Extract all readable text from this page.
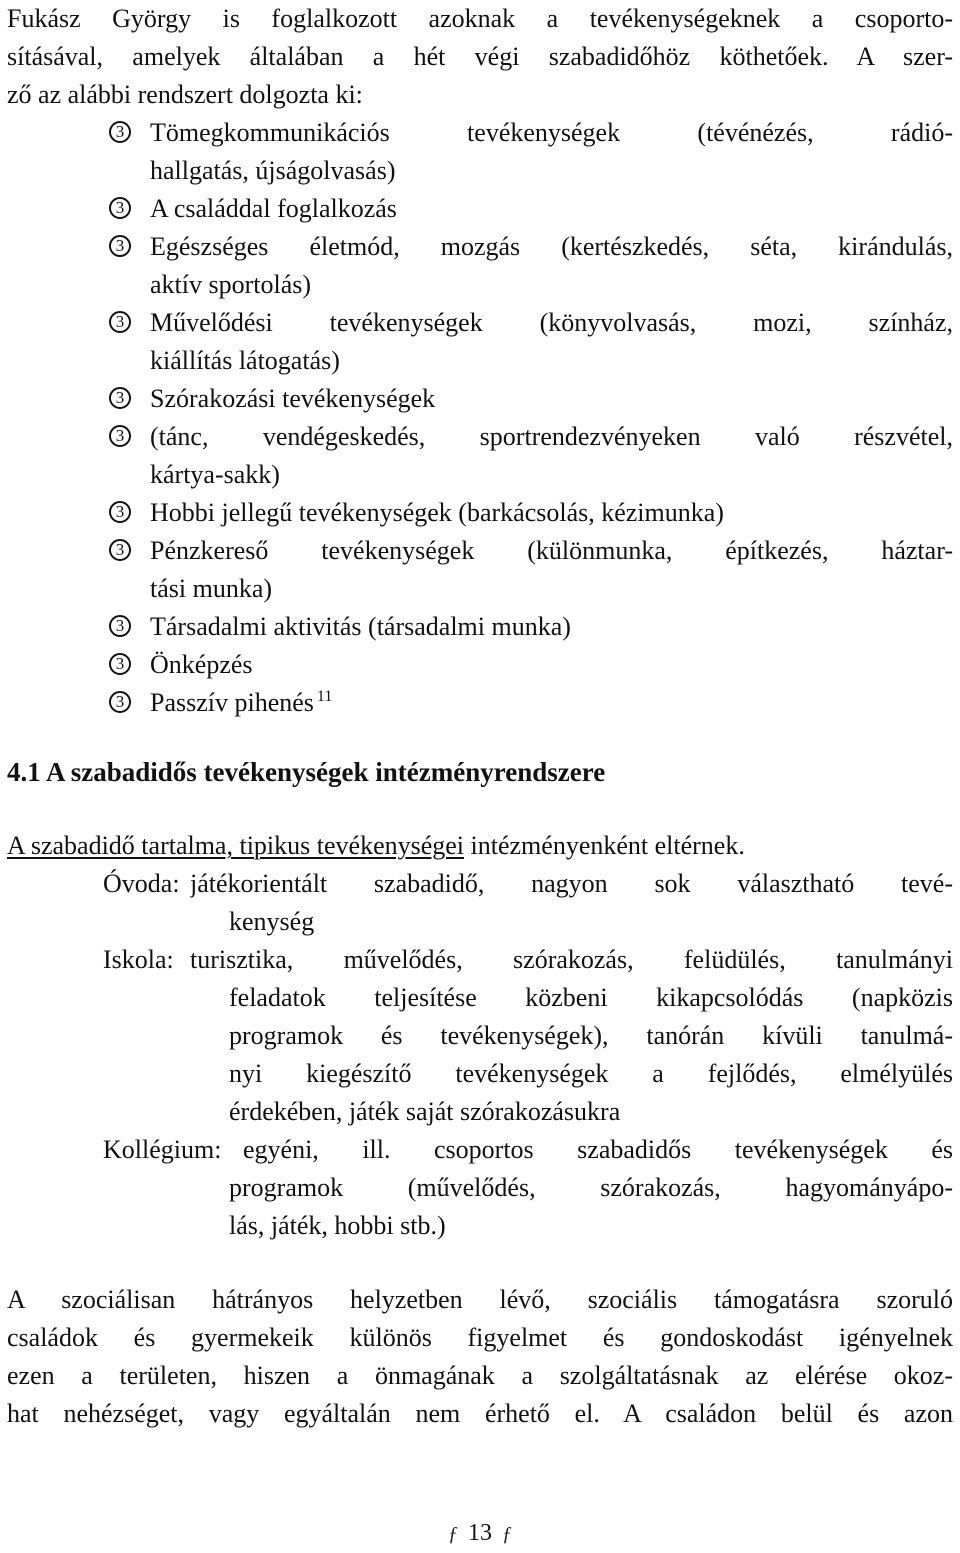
Fukász György is foglalkozott azoknak a tevékenységeknek a csoporto-
sításával, amelyek általában a hét végi szabadidőhöz köthetőek. A szer-
ző az alábbi rendszert dolgozta ki:
3 Tömegkommunikációs tevékenységek (tévénézés, rádió-
hallgatás, újságolvasás)
3 A családdal foglalkozás
3 Egészséges életmód, mozgás (kertészkedés, séta, kirándulás,
aktív sportolás)
3 Művelődési tevékenységek (könyvolvasás, mozi, színház,
kiállítás látogatás)
3 Szórakozási tevékenységek
3 (tánc, vendégeskedés, sportrendezvényeken való részvétel,
kártya-sakk)
3 Hobbi jellegű tevékenységek (barkácsolás, kézimunka)
3 Pénzkereső tevékenységek (különmunka, építkezés, háztar-
tási munka)
3 Társadalmi aktivitás (társadalmi munka)
3 Önképzés
3 Passzív pihenés $^{11}$
4.1 A szabadidős tevékenységek intézményrendszere
A szabadidő tartalma, tipikus tevékenységei intézményenként eltérnek.
Óvoda: játékorientált szabadidő, nagyon sok választható tevé-
kenység
Iskola: turisztika, művelődés, szórakozás, felüdülés, tanulmányi
feladatok teljesítése közbeni kikapcsolódás (napközis
programok és tevékenységek), tanórán kívüli tanulmá-
nyi kiegészítő tevékenységek a fejlődés, elmélyülés
érdekében, játék saját szórakozásukra
Kollégium: egyéni, ill. csoportos szabadidős tevékenységek és
programok (művelődés, szórakozás, hagyományápo-
lás, játék, hobbi stb.)
A szociálisan hátrányos helyzetben lévő, szociális támogatásra szoruló
családok és gyermekeik különös figyelmet és gondoskodást igényelnek
ezen a területen, hiszen a önmagának a szolgáltatásnak az elérése okoz-
hat nehézséget, vagy egyáltalán nem érhető el. A családon belül és azon
ƒ 13 ƒ
